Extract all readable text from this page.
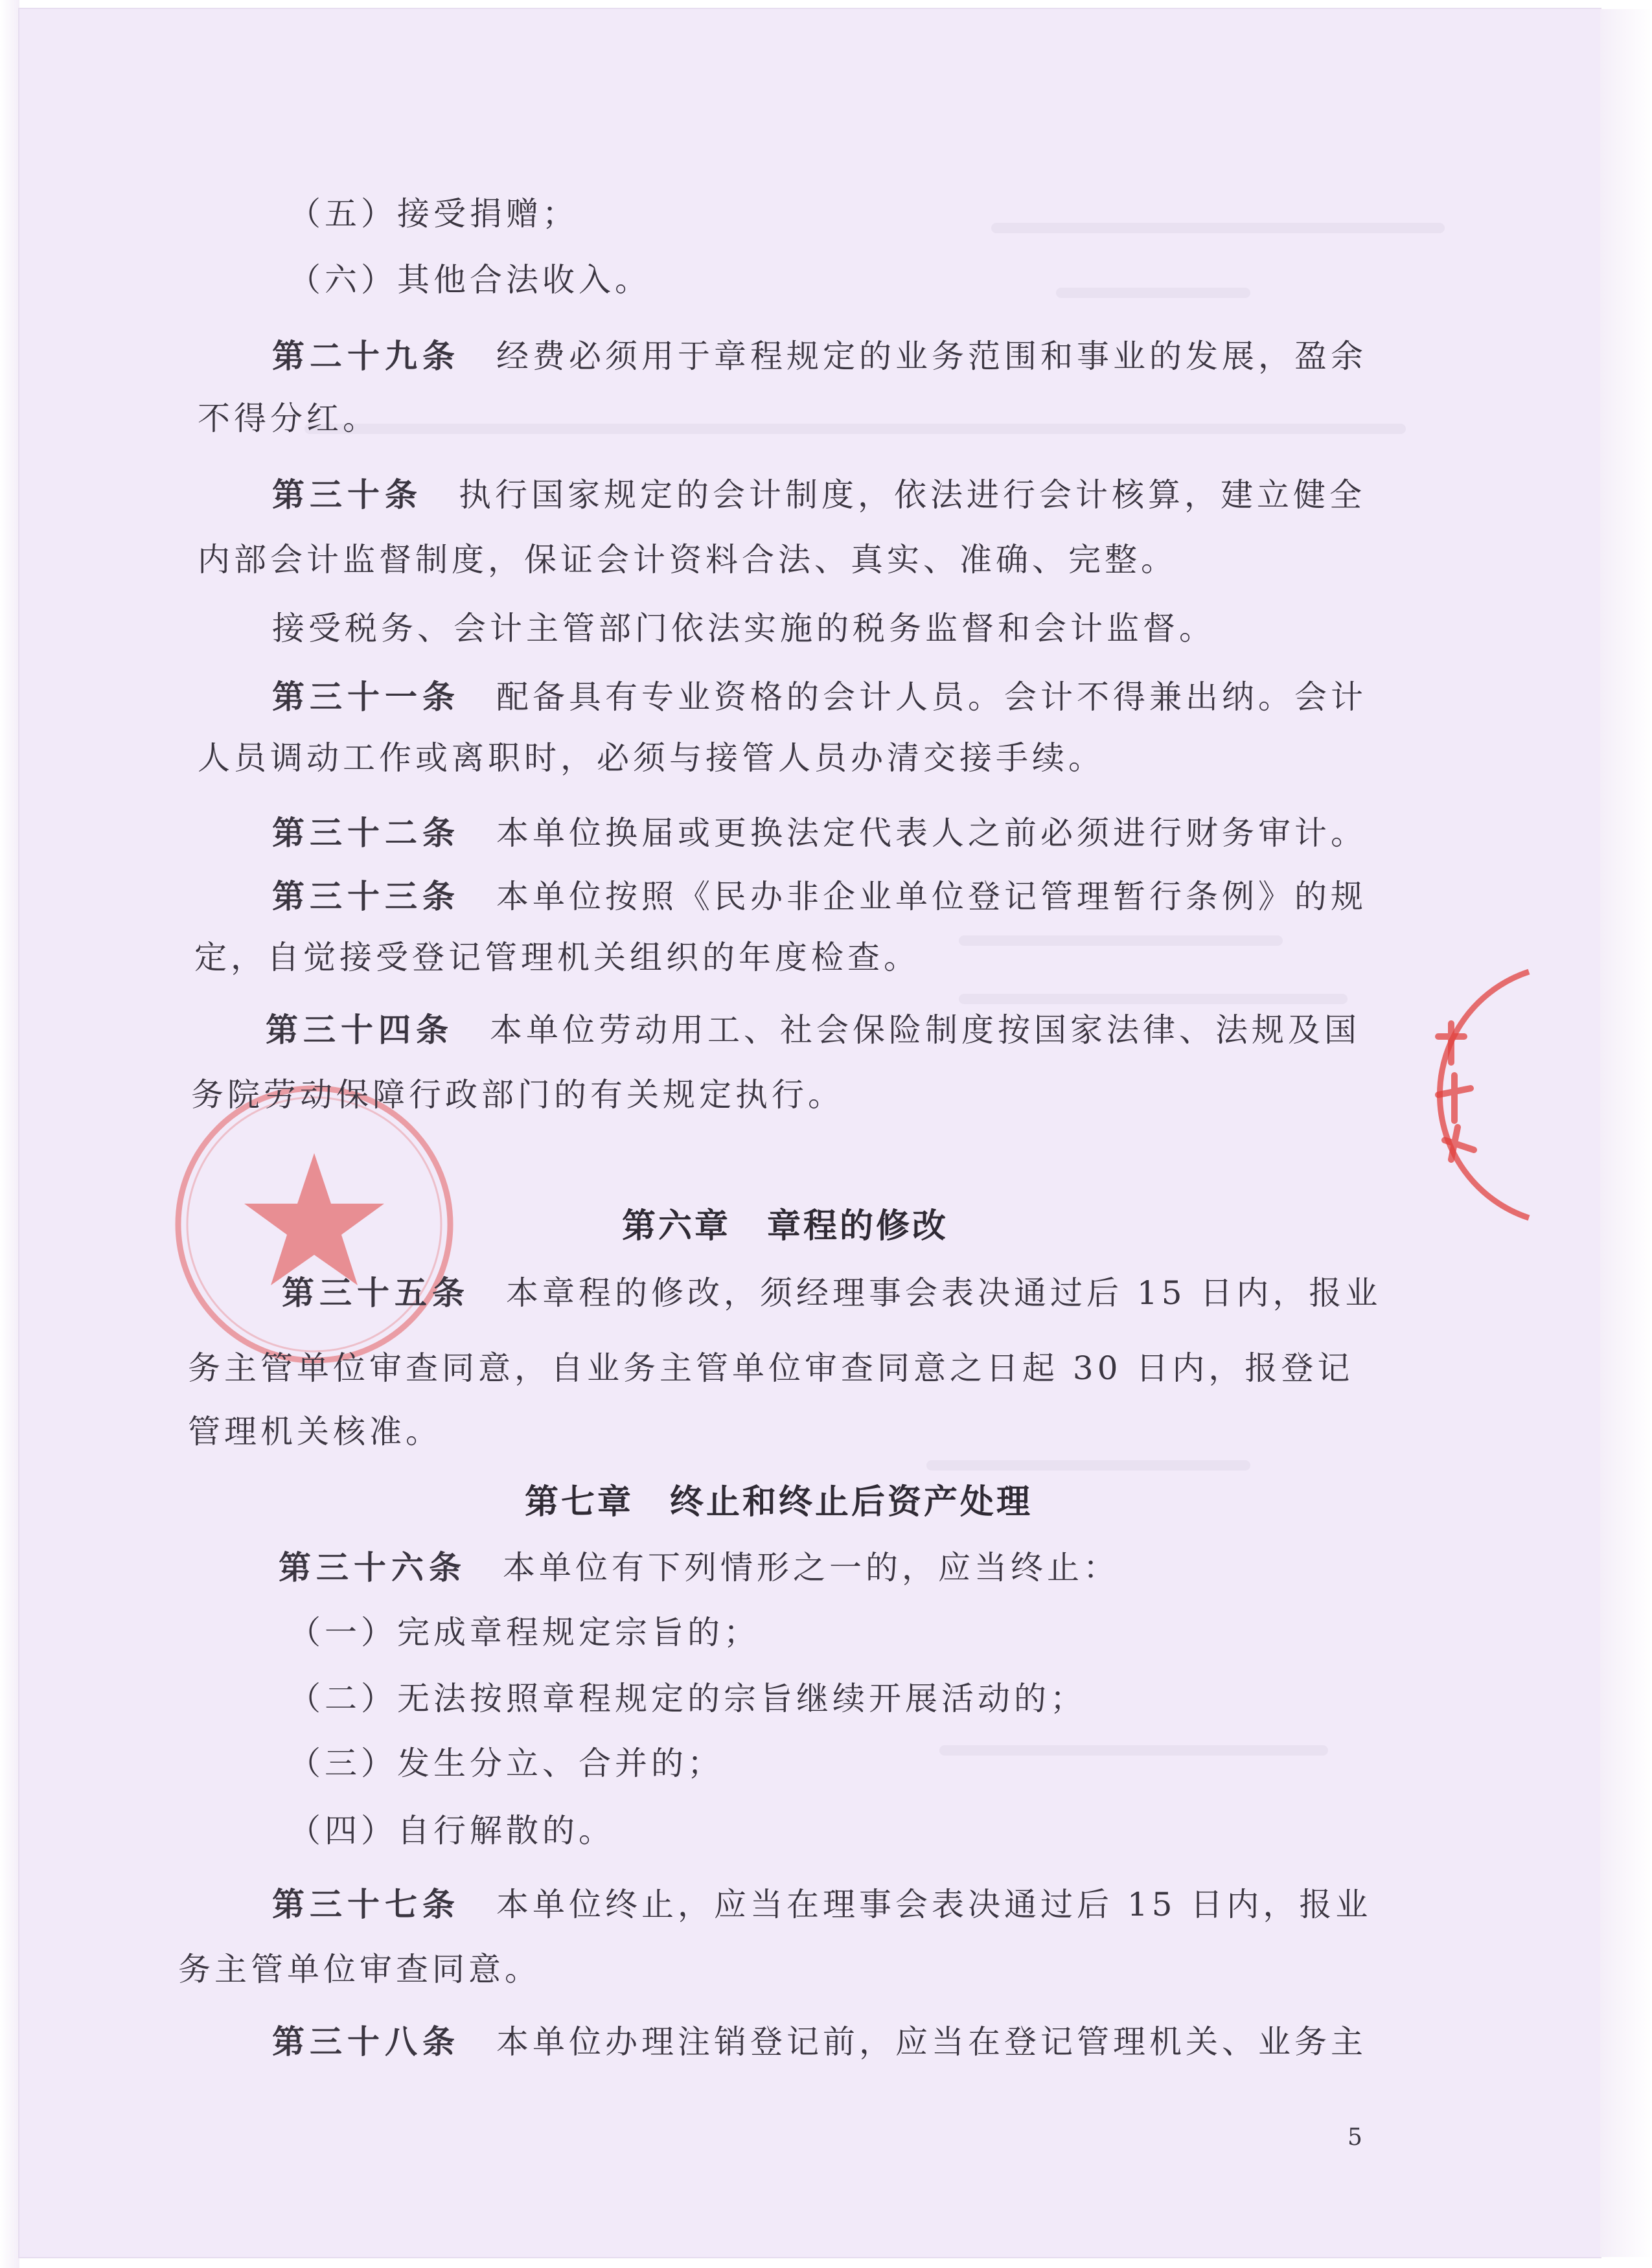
（五）接受捐赠；
（六）其他合法收入。
第二十九条　 经费必须用于章程规定的业务范围和事业的发展，盈余
不得分红。
第三十条　 执行国家规定的会计制度，依法进行会计核算，建立健全
内部会计监督制度，保证会计资料合法、真实、准确、完整。
接受税务、会计主管部门依法实施的税务监督和会计监督。
第三十一条　 配备具有专业资格的会计人员。会计不得兼出纳。会计
人员调动工作或离职时，必须与接管人员办清交接手续。
第三十二条　 本单位换届或更换法定代表人之前必须进行财务审计。
第三十三条　 本单位按照《民办非企业单位登记管理暂行条例》的规
定，自觉接受登记管理机关组织的年度检查。
第三十四条　 本单位劳动用工、社会保险制度按国家法律、法规及国
务院劳动保障行政部门的有关规定执行。
第六章　章程的修改
第三十五条　 本章程的修改，须经理事会表决通过后 15 日内，报业
务主管单位审查同意，自业务主管单位审查同意之日起 30 日内，报登记
管理机关核准。
第七章　终止和终止后资产处理
第三十六条　 本单位有下列情形之一的，应当终止：
（一）完成章程规定宗旨的；
（二）无法按照章程规定的宗旨继续开展活动的；
（三）发生分立、合并的；
（四）自行解散的。
第三十七条　 本单位终止，应当在理事会表决通过后 15 日内，报业
务主管单位审查同意。
第三十八条　 本单位办理注销登记前，应当在登记管理机关、业务主
5
